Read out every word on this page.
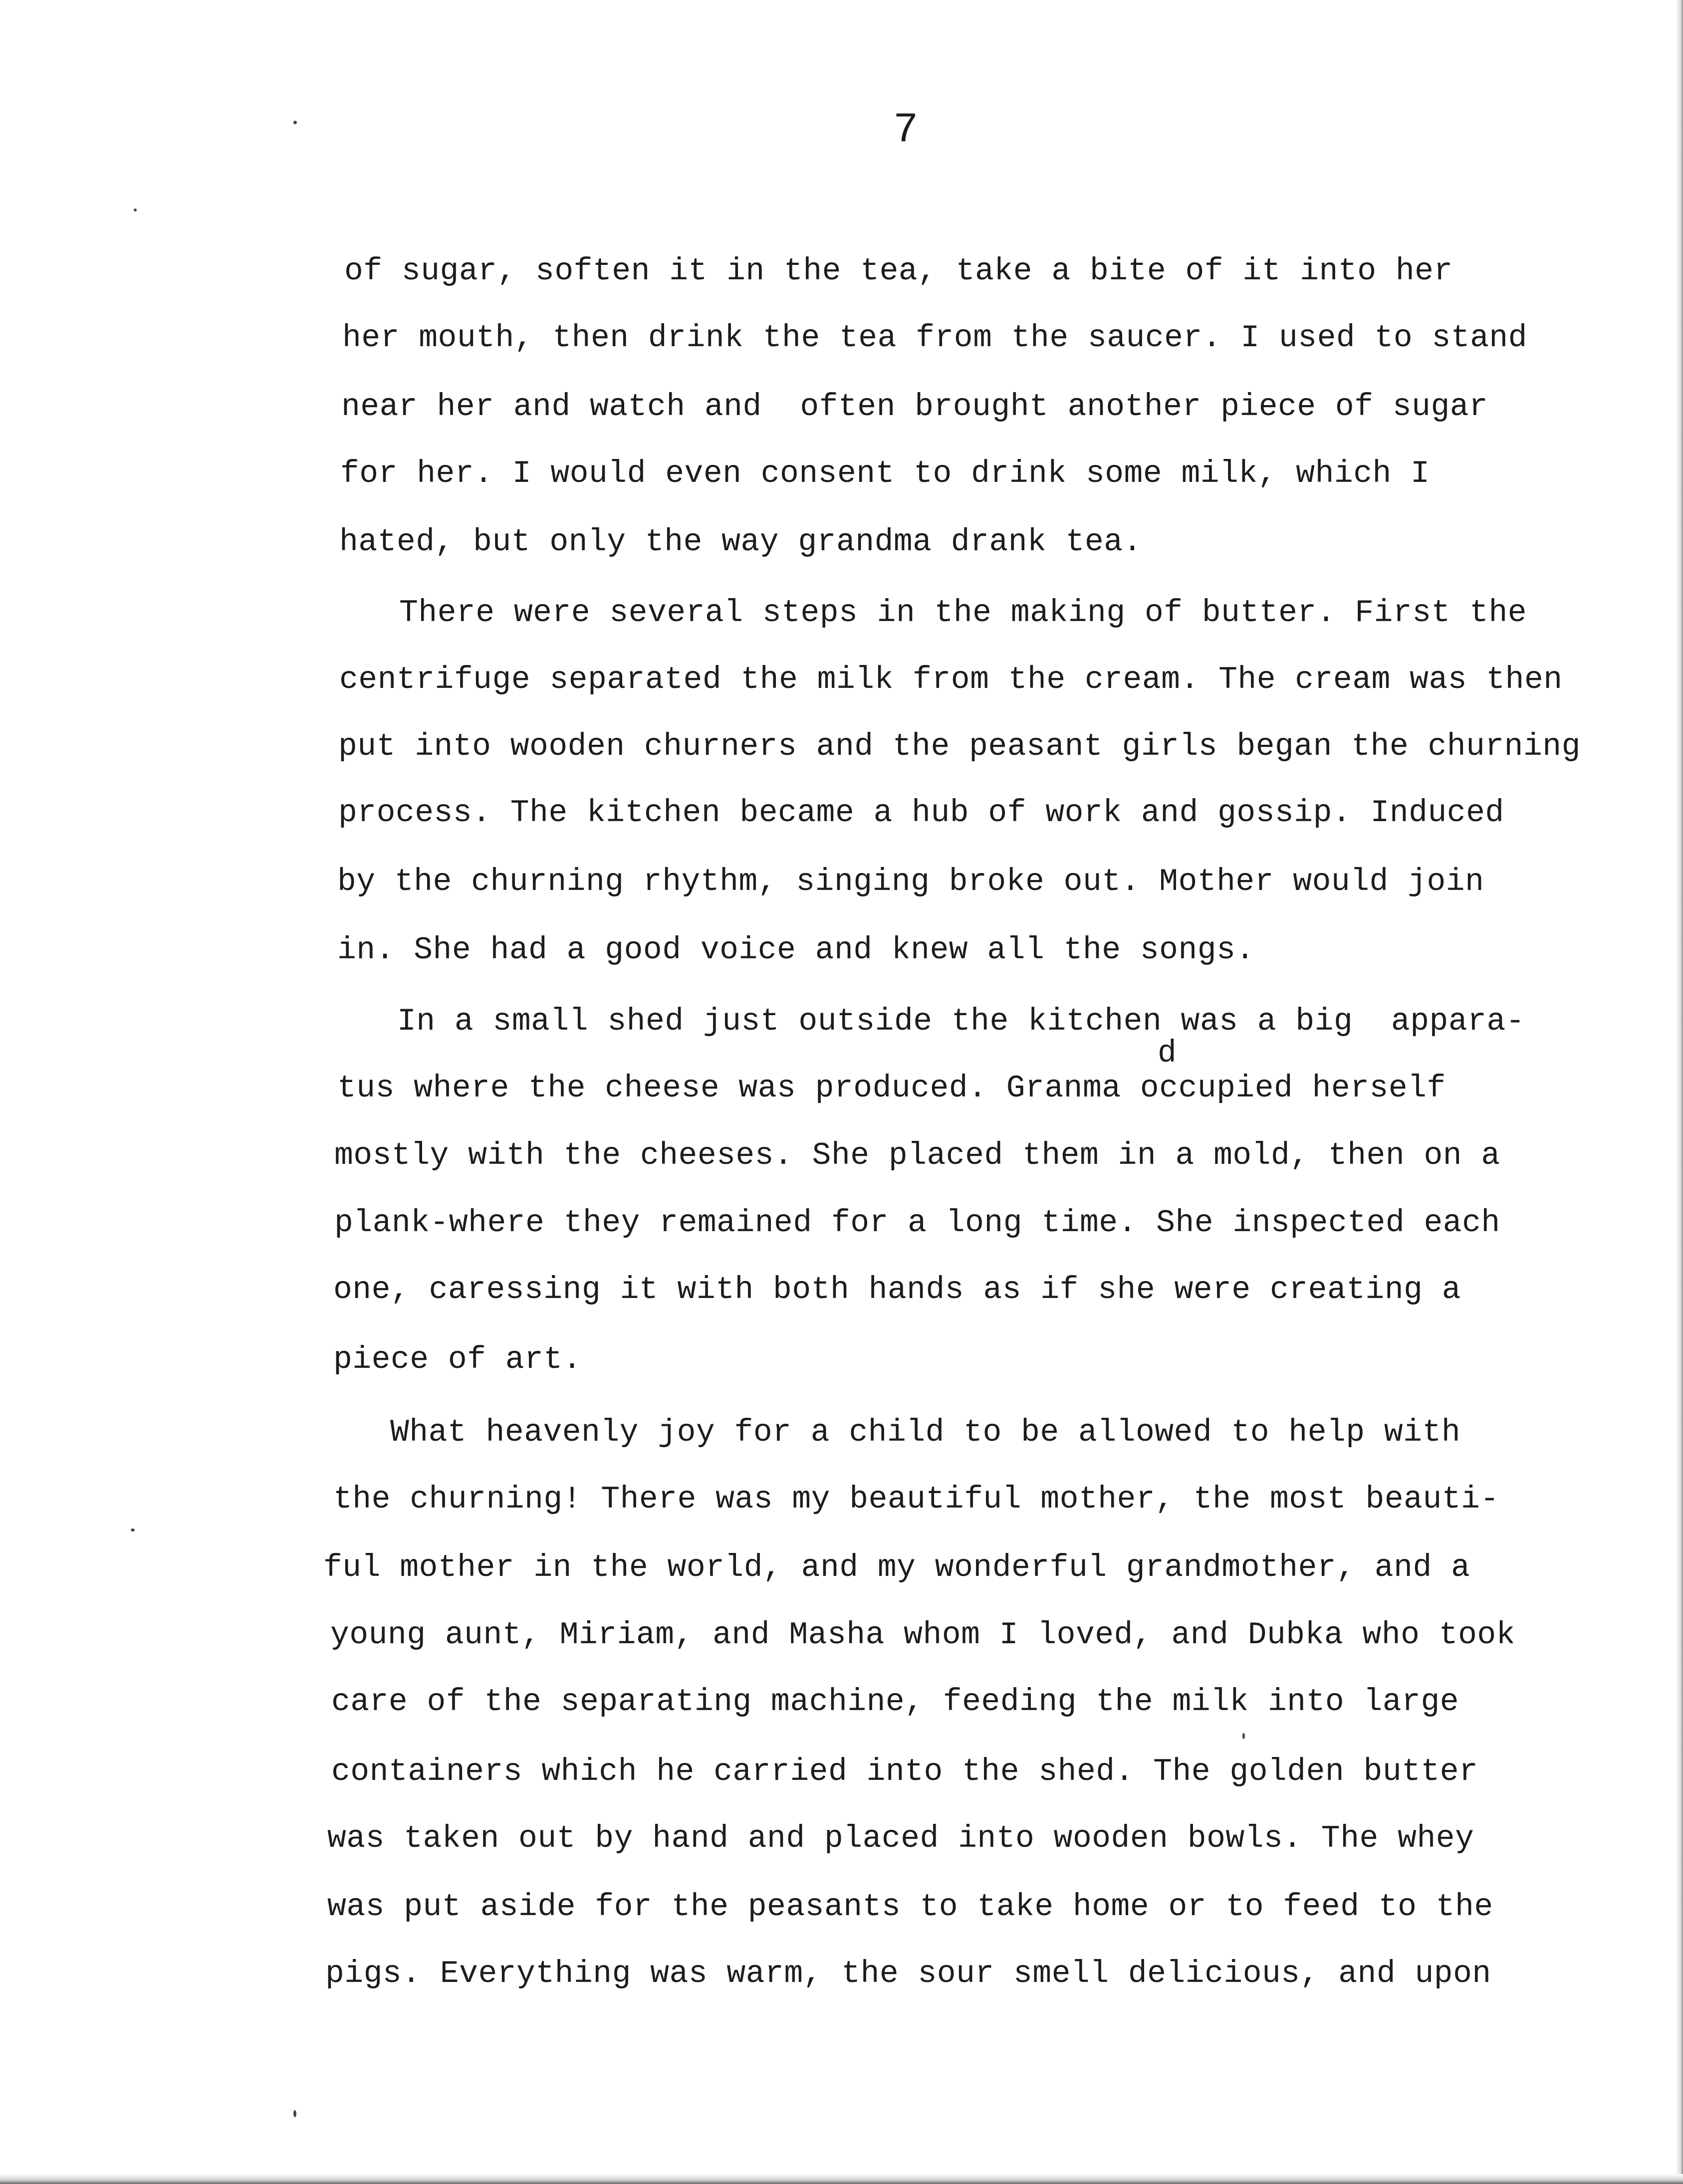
7
of sugar, soften it in the tea, take a bite of it into her
her mouth, then drink the tea from the saucer. I used to stand
near her and watch and  often brought another piece of sugar
for her. I would even consent to drink some milk, which I
hated, but only the way grandma drank tea.
There were several steps in the making of butter. First the
centrifuge separated the milk from the cream. The cream was then
put into wooden churners and the peasant girls began the churning
process. The kitchen became a hub of work and gossip. Induced
by the churning rhythm, singing broke out. Mother would join
in. She had a good voice and knew all the songs.
In a small shed just outside the kitchen was a big  appara-
tus where the cheese was produced. Granma occupied herself
mostly with the cheeses. She placed them in a mold, then on a
plank-where they remained for a long time. She inspected each
one, caressing it with both hands as if she were creating a
piece of art.
What heavenly joy for a child to be allowed to help with
the churning! There was my beautiful mother, the most beauti-
ful mother in the world, and my wonderful grandmother, and a
young aunt, Miriam, and Masha whom I loved, and Dubka who took
care of the separating machine, feeding the milk into large
containers which he carried into the shed. The golden butter
was taken out by hand and placed into wooden bowls. The whey
was put aside for the peasants to take home or to feed to the
pigs. Everything was warm, the sour smell delicious, and upon
d
